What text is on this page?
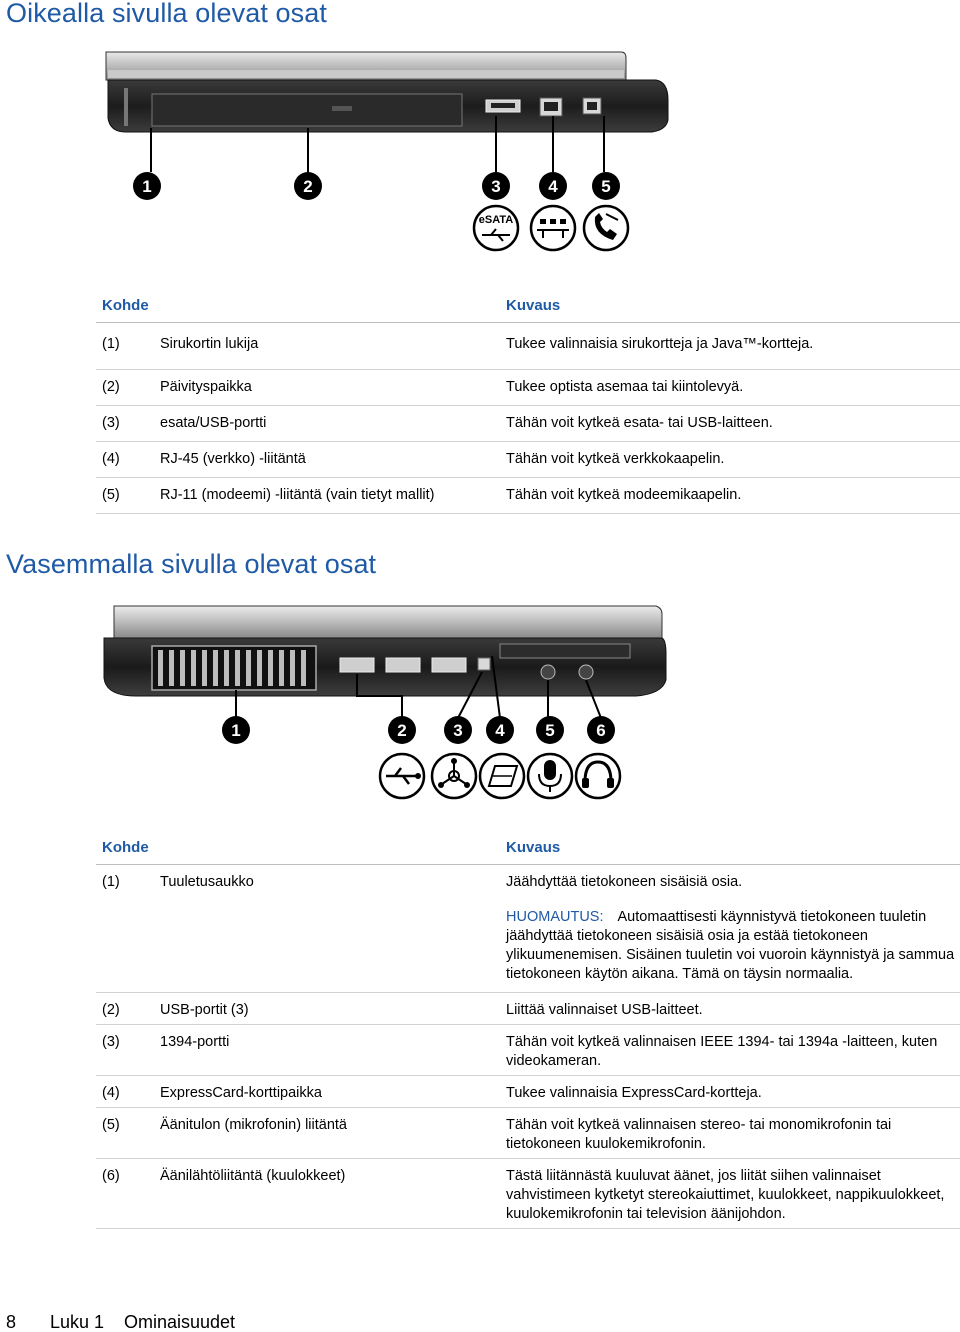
Oikealla sivulla olevat osat
1	2	3	4	5
eSATA
Kohde		Kuvaus
(1)	Sirukortin lukija	Tukee valinnaisia sirukortteja ja Java™-kortteja.
(2)	Päivityspaikka	Tukee optista asemaa tai kiintolevyä.
(3)	esata/USB-portti	Tähän voit kytkeä esata- tai USB-laitteen.
(4)	RJ-45 (verkko) -liitäntä	Tähän voit kytkeä verkkokaapelin.
(5)	RJ-11 (modeemi) -liitäntä (vain tietyt mallit)	Tähän voit kytkeä modeemikaapelin.
Vasemmalla sivulla olevat osat
1	2	3 4 5 6
Kohde		Kuvaus
(1)	Tuuletusaukko	Jäähdyttää tietokoneen sisäisiä osia.
HUOMAUTUS: Automaattisesti käynnistyvä tietokoneen tuuletin jäähdyttää tietokoneen sisäisiä osia ja estää tietokoneen ylikuumenemisen. Sisäinen tuuletin voi vuoroin käynnistyä ja sammua tietokoneen käytön aikana. Tämä on täysin normaalia.

(2)	USB-portit (3)	Liittää valinnaiset USB-laitteet.
(3)	1394-portti	Tähän voit kytkeä valinnaisen IEEE 1394- tai 1394a -laitteen, kuten videokameran.
(4)	ExpressCard-korttipaikka	Tukee valinnaisia ExpressCard-kortteja.
(5)	Äänitulon (mikrofonin) liitäntä	Tähän voit kytkeä valinnaisen stereo- tai monomikrofonin tai tietokoneen kuulokemikrofonin.
(6)	Äänilähtöliitäntä (kuulokkeet)	Tästä liitännästä kuuluvat äänet, jos liität siihen valinnaiset vahvistimeen kytketyt stereokaiuttimet, kuulokkeet, nappikuulokkeet, kuulokemikrofonin tai television äänijohdon.
8 Luku 1 Ominaisuudet
